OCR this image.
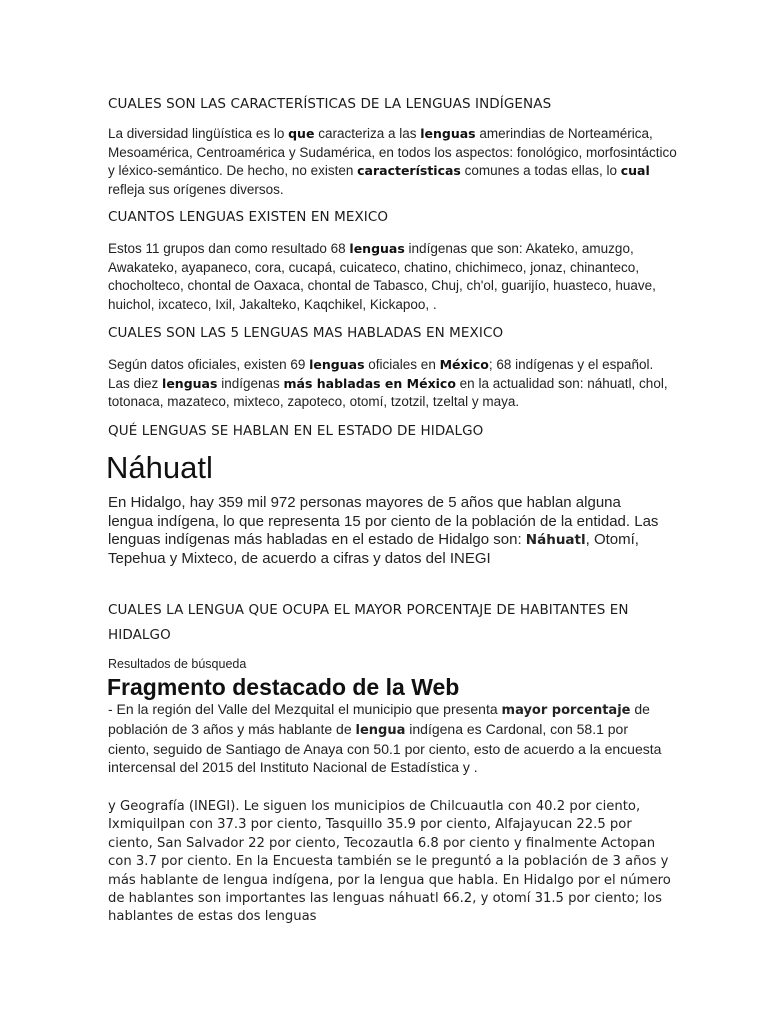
CUALES SON LAS CARACTERÍSTICAS DE LA LENGUAS INDÍGENAS

La diversidad lingüística es lo que caracteriza a las lenguas amerindias de Norteamérica, Mesoamérica, Centroamérica y Sudamérica, en todos los aspectos: fonológico, morfosintáctico y léxico-semántico. De hecho, no existen características comunes a todas ellas, lo cual refleja sus orígenes diversos.

CUANTOS LENGUAS EXISTEN EN MEXICO

Estos 11 grupos dan como resultado 68 lenguas indígenas que son: Akateko, amuzgo, Awakateko, ayapaneco, cora, cucapá, cuicateco, chatino, chichimeco, jonaz, chinanteco, chocholteco, chontal de Oaxaca, chontal de Tabasco, Chuj, ch'ol, guarijío, huasteco, huave, huichol, ixcateco, Ixil, Jakalteko, Kaqchikel, Kickapoo, .

CUALES SON LAS 5 LENGUAS MAS HABLADAS EN MEXICO

Según datos oficiales, existen 69 lenguas oficiales en México; 68 indígenas y el español. Las diez lenguas indígenas más habladas en México en la actualidad son: náhuatl, chol, totonaca, mazateco, mixteco, zapoteco, otomí, tzotzil, tzeltal y maya.

QUÉ LENGUAS SE HABLAN EN EL ESTADO DE HIDALGO
Náhuatl

En Hidalgo, hay 359 mil 972 personas mayores de 5 años que hablan alguna lengua indígena, lo que representa 15 por ciento de la población de la entidad. Las lenguas indígenas más habladas en el estado de Hidalgo son: Náhuatl, Otomí, Tepehua y Mixteco, de acuerdo a cifras y datos del INEGI

CUALES LA LENGUA QUE OCUPA EL MAYOR PORCENTAJE DE HABITANTES EN HIDALGO

Resultados de búsqueda

Fragmento destacado de la Web

- En la región del Valle del Mezquital el municipio que presenta mayor porcentaje de población de 3 años y más hablante de lengua indígena es Cardonal, con 58.1 por ciento, seguido de Santiago de Anaya con 50.1 por ciento, esto de acuerdo a la encuesta intercensal del 2015 del Instituto Nacional de Estadística y .

y Geografía (INEGI). Le siguen los municipios de Chilcuautla con 40.2 por ciento, Ixmiquilpan con 37.3 por ciento, Tasquillo 35.9 por ciento, Alfajayucan 22.5 por ciento, San Salvador 22 por ciento, Tecozautla 6.8 por ciento y finalmente Actopan con 3.7 por ciento. En la Encuesta también se le preguntó a la población de 3 años y más hablante de lengua indígena, por la lengua que habla. En Hidalgo por el número de hablantes son importantes las lenguas náhuatl 66.2, y otomí 31.5 por ciento; los hablantes de estas dos lenguas
